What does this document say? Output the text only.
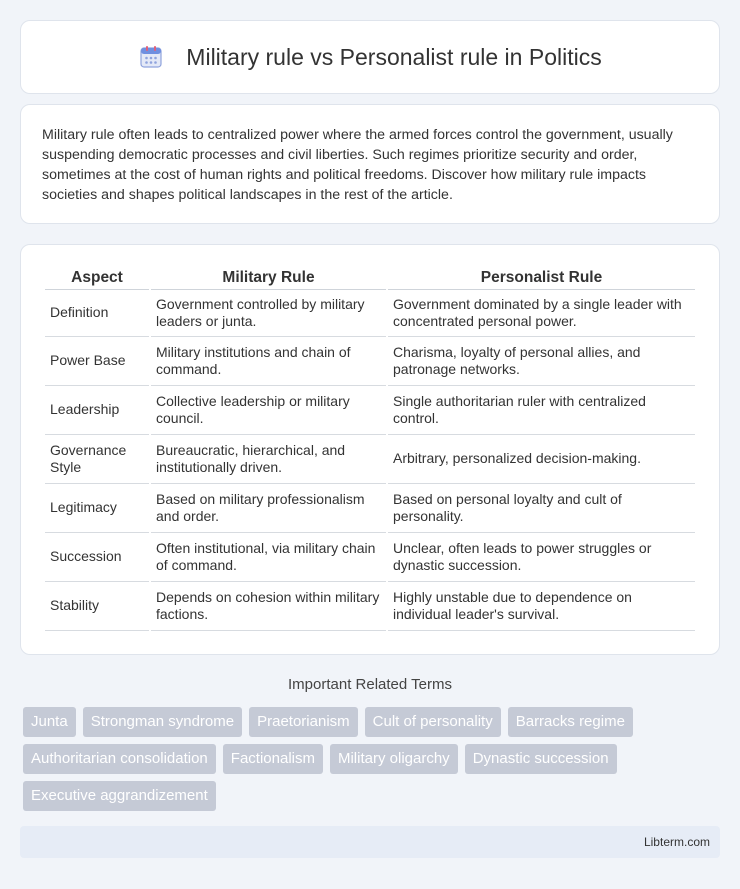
Military rule vs Personalist rule in Politics

Military rule often leads to centralized power where the armed forces control the government, usually suspending democratic processes and civil liberties. Such regimes prioritize security and order, sometimes at the cost of human rights and political freedoms. Discover how military rule impacts societies and shapes political landscapes in the rest of the article.

Aspect	Military Rule	Personalist Rule
Definition	Government controlled by military leaders or junta.	Government dominated by a single leader with concentrated personal power.
Power Base	Military institutions and chain of command.	Charisma, loyalty of personal allies, and patronage networks.
Leadership	Collective leadership or military council.	Single authoritarian ruler with centralized control.
Governance Style	Bureaucratic, hierarchical, and institutionally driven.	Arbitrary, personalized decision-making.
Legitimacy	Based on military professionalism and order.	Based on personal loyalty and cult of personality.
Succession	Often institutional, via military chain of command.	Unclear, often leads to power struggles or dynastic succession.
Stability	Depends on cohesion within military factions.	Highly unstable due to dependence on individual leader's survival.
Important Related Terms
Junta	Strongman syndrome	Praetorianism	Cult of personality	Barracks regime
Authoritarian consolidation	Factionalism	Military oligarchy	Dynastic succession
Executive aggrandizement
Libterm.com
